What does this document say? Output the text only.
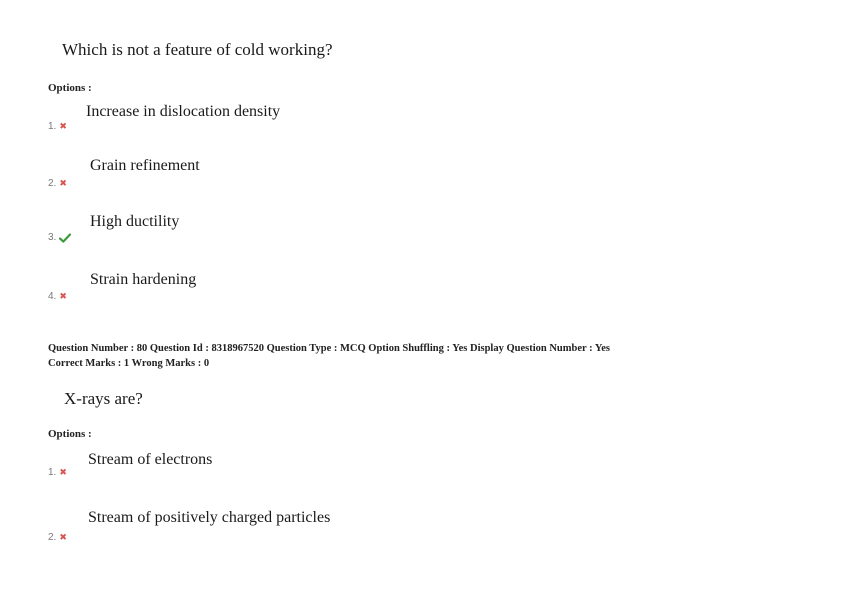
Which is not a feature of cold working?
Options :
Increase in dislocation density
1. ✖
Grain refinement
2. ✖
High ductility
3.
Strain hardening
4. ✖
Question Number : 80 Question Id : 8318967520 Question Type : MCQ Option Shuffling : Yes Display Question Number : Yes
Correct Marks : 1 Wrong Marks : 0
X-rays are?
Options :
Stream of electrons
1. ✖
Stream of positively charged particles
2. ✖
